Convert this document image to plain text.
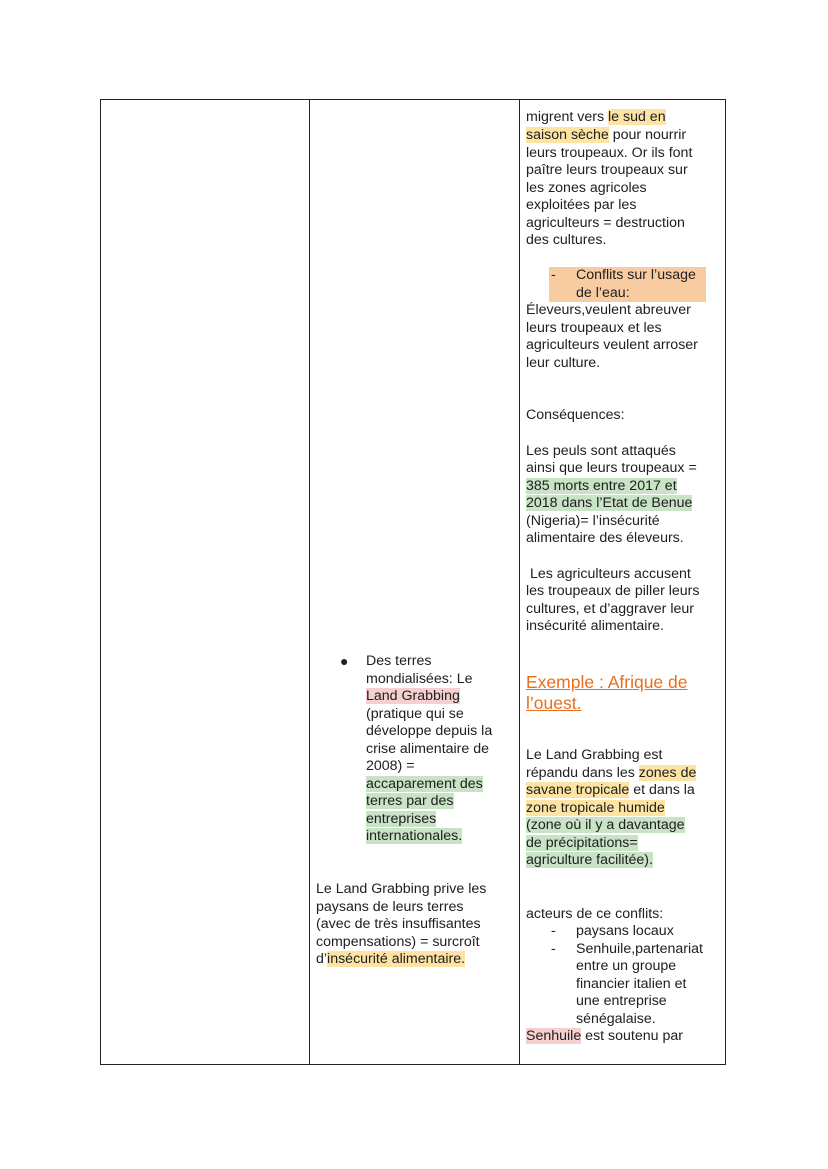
migrent vers le sud en
saison sèche pour nourrir
leurs troupeaux. Or ils font
paître leurs troupeaux sur
les zones agricoles
exploitées par les
agriculteurs = destruction
des cultures.
- Conflits sur l’usage
de l’eau:
Éleveurs,veulent abreuver
leurs troupeaux et les
agriculteurs veulent arroser
leur culture.
Conséquences:
Les peuls sont attaqués
ainsi que leurs troupeaux =
385 morts entre 2017 et
2018 dans l’Etat de Benue
(Nigeria)= l’insécurité
alimentaire des éleveurs.
Les agriculteurs accusent
les troupeaux de piller leurs
cultures, et d’aggraver leur
insécurité alimentaire.
Exemple : Afrique de
l’ouest.
Le Land Grabbing est
répandu dans les zones de
savane tropicale et dans la
zone tropicale humide
(zone où il y a davantage
de précipitations=
agriculture facilitée).
acteurs de ce conflits:
- paysans locaux
- Senhuile,partenariat
entre un groupe
financier italien et
une entreprise
sénégalaise.
Senhuile est soutenu par
● Des terres
mondialisées: Le
Land Grabbing
(pratique qui se
développe depuis la
crise alimentaire de
2008) =
accaparement des
terres par des
entreprises
internationales.
Le Land Grabbing prive les
paysans de leurs terres
(avec de très insuffisantes
compensations) = surcroît
d’insécurité alimentaire.
